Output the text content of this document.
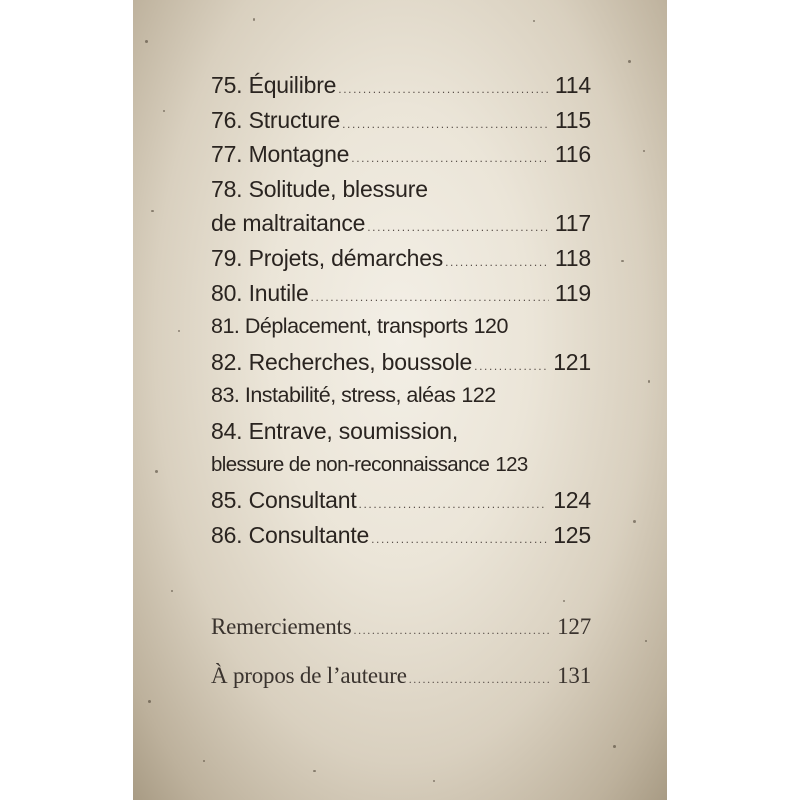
75. Équilibre .....	114
76. Structure .....	115
77. Montagne .....	116
78. Solitude, blessure
de maltraitance .....	117
79. Projets, démarches .....	118
80. Inutile .....	119
81. Déplacement, transports 120
82. Recherches, boussole .....	121
83. Instabilité, stress, aléas 122
84. Entrave, soumission,
blessure de non-reconnaissance 123
85. Consultant .....	124
86. Consultante .....	125
Remerciements .....	127
À propos de l’auteure .....	131
